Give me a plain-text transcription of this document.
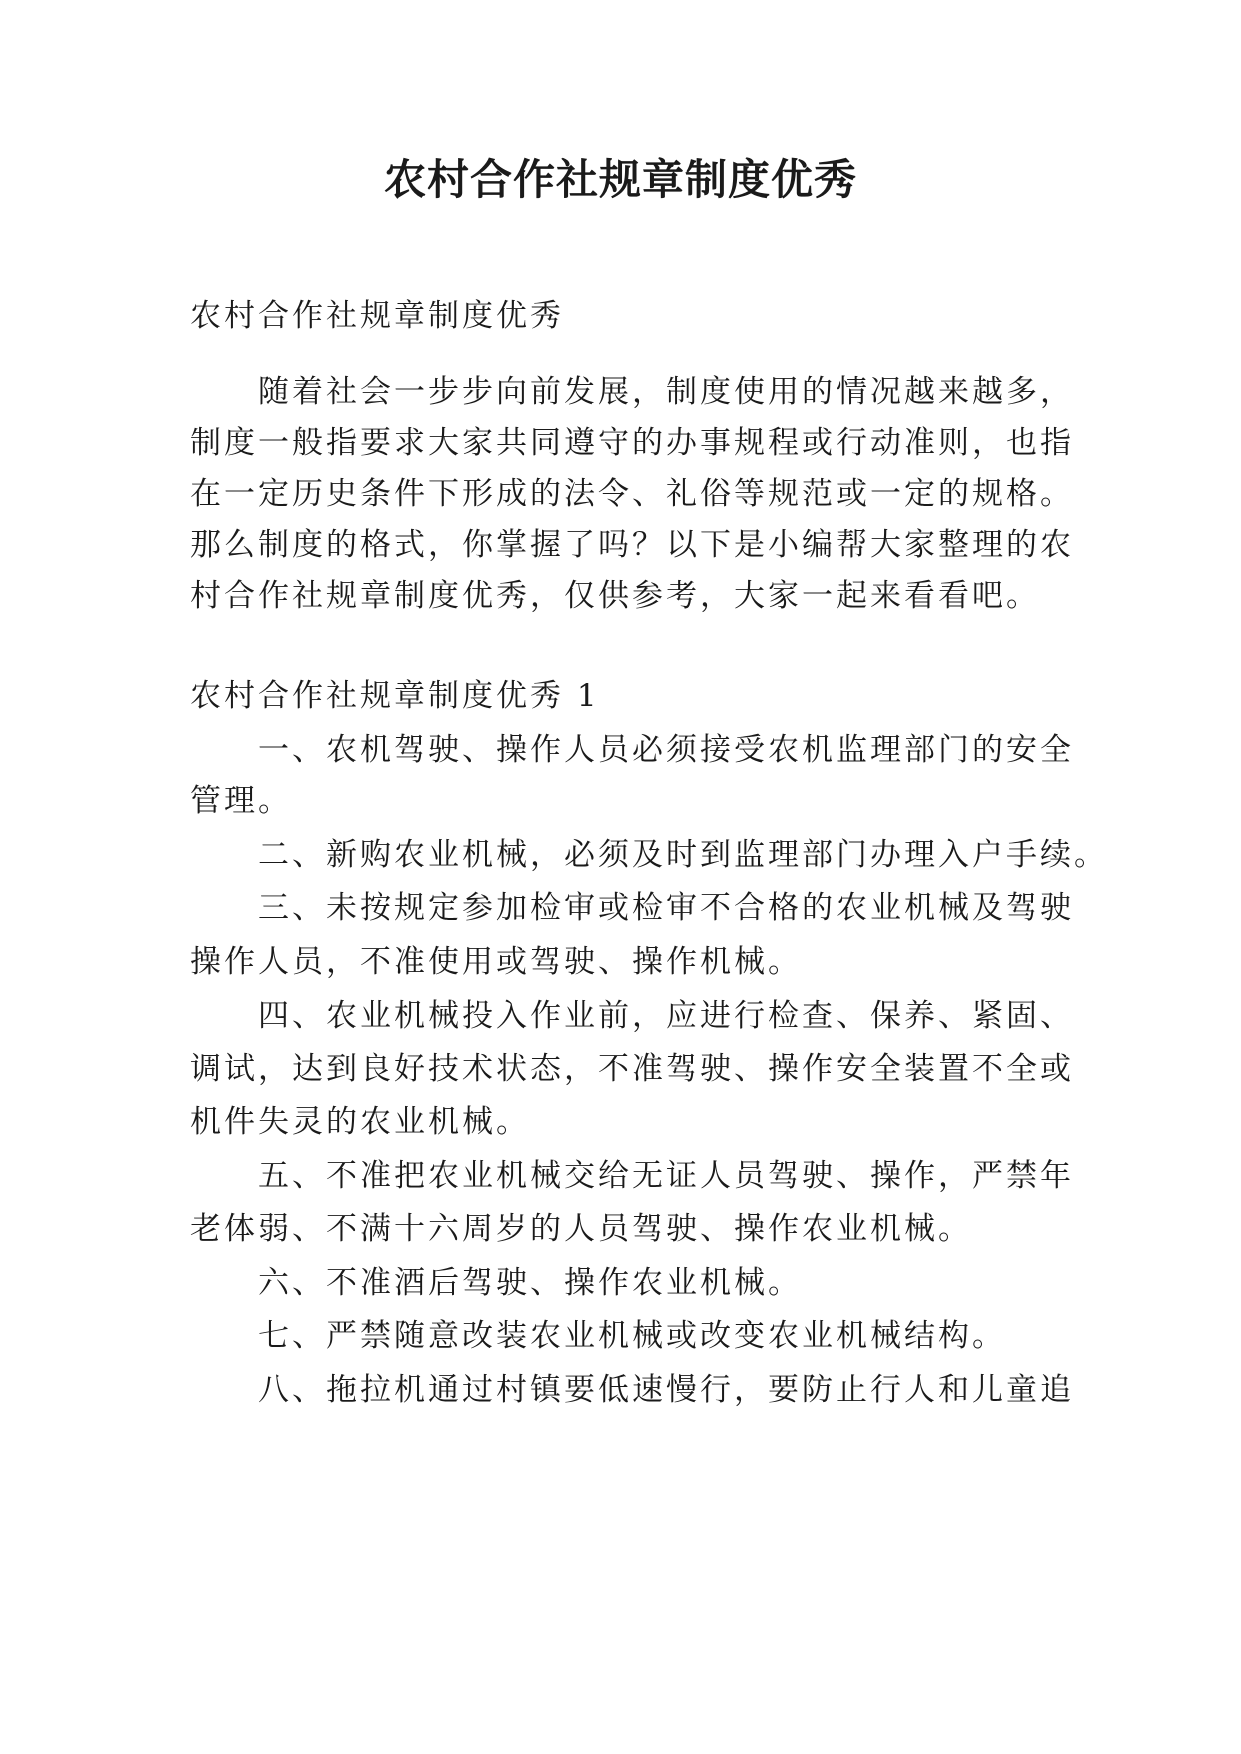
农村合作社规章制度优秀
农村合作社规章制度优秀
随着社会一步步向前发展，制度使用的情况越来越多，
制度一般指要求大家共同遵守的办事规程或行动准则，也指
在一定历史条件下形成的法令、礼俗等规范或一定的规格。
那么制度的格式，你掌握了吗？以下是小编帮大家整理的农
村合作社规章制度优秀，仅供参考，大家一起来看看吧。
农村合作社规章制度优秀 1
一、农机驾驶、操作人员必须接受农机监理部门的安全
管理。
二、新购农业机械，必须及时到监理部门办理入户手续。
三、未按规定参加检审或检审不合格的农业机械及驾驶
操作人员，不准使用或驾驶、操作机械。
四、农业机械投入作业前，应进行检查、保养、紧固、
调试，达到良好技术状态，不准驾驶、操作安全装置不全或
机件失灵的农业机械。
五、不准把农业机械交给无证人员驾驶、操作，严禁年
老体弱、不满十六周岁的人员驾驶、操作农业机械。
六、不准酒后驾驶、操作农业机械。
七、严禁随意改装农业机械或改变农业机械结构。
八、拖拉机通过村镇要低速慢行，要防止行人和儿童追
